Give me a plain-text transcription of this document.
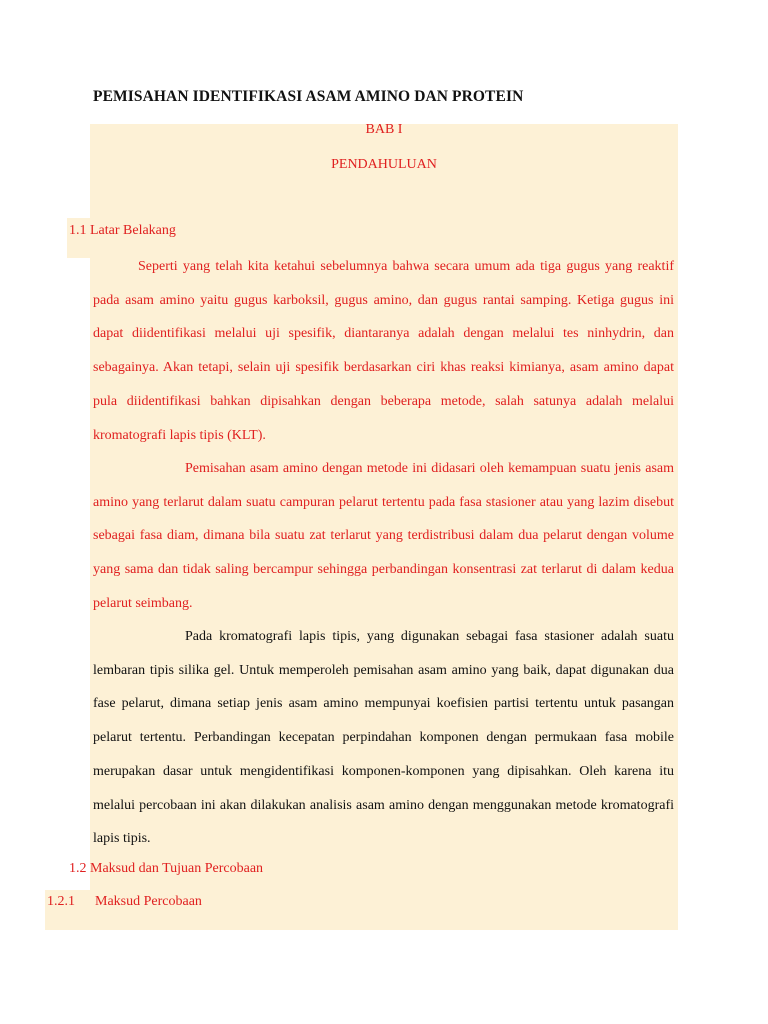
PEMISAHAN IDENTIFIKASI ASAM AMINO DAN PROTEIN
BAB I
PENDAHULUAN
1.1 Latar Belakang
Seperti yang telah kita ketahui sebelumnya bahwa secara umum ada tiga gugus yang reaktif pada asam amino yaitu gugus karboksil, gugus amino, dan gugus rantai samping. Ketiga gugus ini dapat diidentifikasi melalui uji spesifik, diantaranya adalah dengan melalui tes ninhydrin, dan sebagainya. Akan tetapi, selain uji spesifik berdasarkan ciri khas reaksi kimianya, asam amino dapat pula diidentifikasi bahkan dipisahkan dengan beberapa metode, salah satunya adalah melalui kromatografi lapis tipis (KLT).
Pemisahan asam amino dengan metode ini didasari oleh kemampuan suatu jenis asam amino yang terlarut dalam suatu campuran pelarut tertentu pada fasa stasioner atau yang lazim disebut sebagai fasa diam, dimana bila suatu zat terlarut yang terdistribusi dalam dua pelarut dengan volume yang sama dan tidak saling bercampur sehingga perbandingan konsentrasi zat terlarut di dalam kedua pelarut seimbang.
Pada kromatografi lapis tipis, yang digunakan sebagai fasa stasioner adalah suatu lembaran tipis silika gel. Untuk memperoleh pemisahan asam amino yang baik, dapat digunakan dua fase pelarut, dimana setiap jenis asam amino mempunyai koefisien partisi tertentu untuk pasangan pelarut tertentu. Perbandingan kecepatan perpindahan komponen dengan permukaan fasa mobile merupakan dasar untuk mengidentifikasi komponen-komponen yang dipisahkan. Oleh karena itu melalui percobaan ini akan dilakukan analisis asam amino dengan menggunakan metode kromatografi lapis tipis.
1.2 Maksud dan Tujuan Percobaan
1.2.1 Maksud Percobaan
